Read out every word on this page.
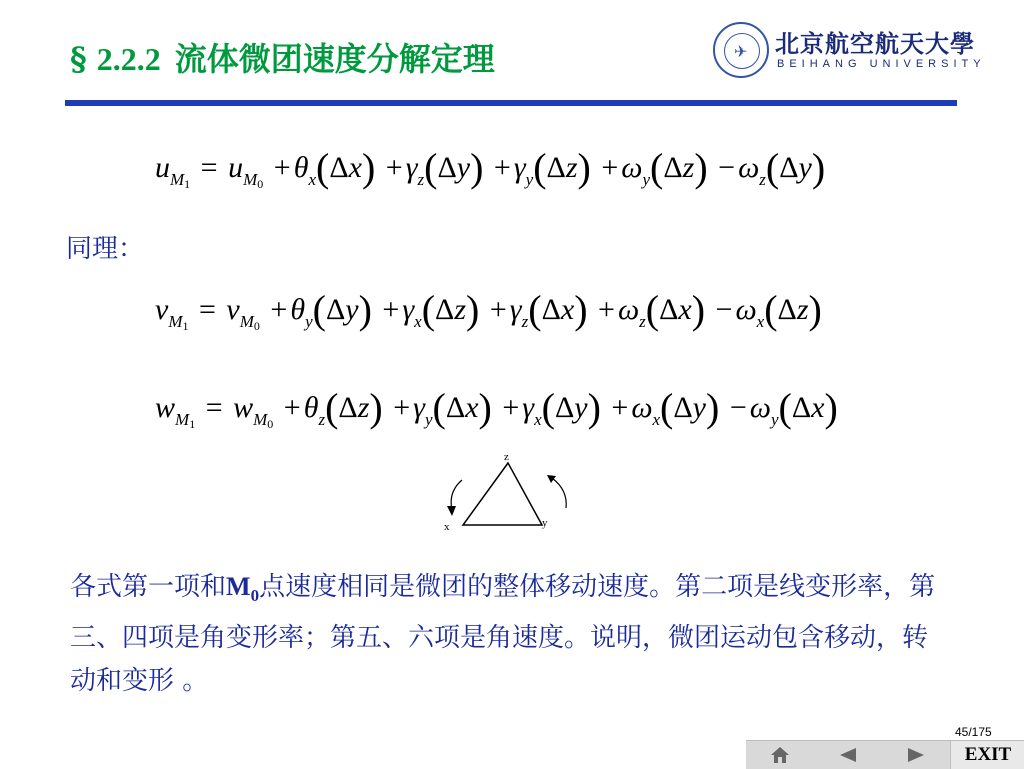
§ 2.2.2 流体微团速度分解定理	✈ 北京航空航天大學
BEIHANG UNIVERSITY
$u_{M_1} = u_{M_0} + \theta_x(\Delta x) + \gamma_z(\Delta y) + \gamma_y(\Delta z) + \omega_y(\Delta z) - \omega_z(\Delta y)$
同理：
$v_{M_1} = v_{M_0} + \theta_y(\Delta y) + \gamma_x(\Delta z) + \gamma_z(\Delta x) + \omega_z(\Delta x) - \omega_x(\Delta z)$
$w_{M_1} = w_{M_0} + \theta_z(\Delta z) + \gamma_y(\Delta x) + \gamma_x(\Delta y) + \omega_x(\Delta y) - \omega_y(\Delta x)$
z
x	y
各式第一项和$M_0$点速度相同是微团的整体移动速度。第二项是线变形率，第三、四项是角变形率；第五、六项是角速度。说明，微团运动包含移动，转动和变形 。
45/175
EXIT
